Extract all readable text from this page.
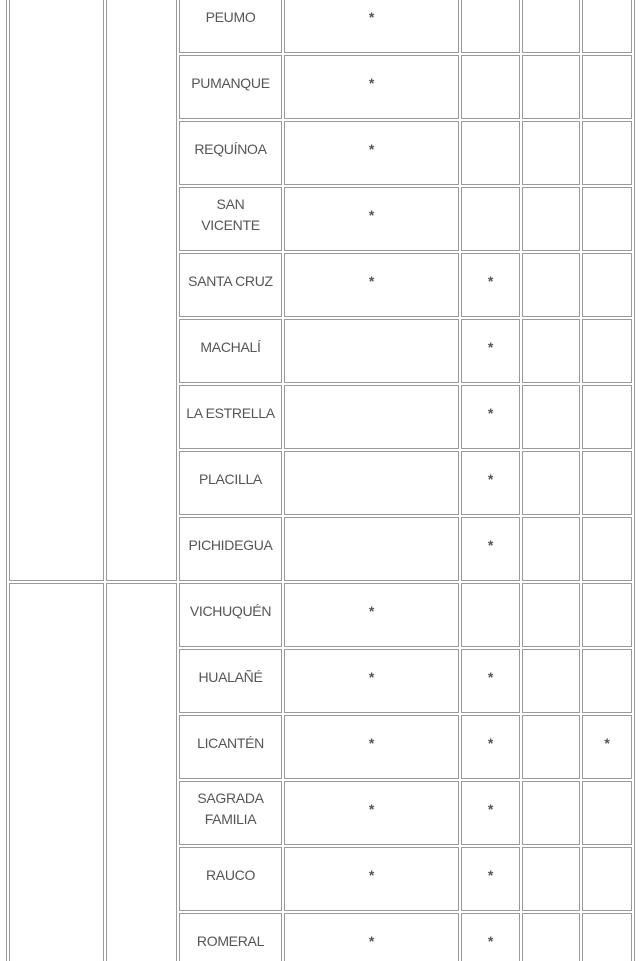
		PEUMO	*			
		PUMANQUE	*			
		REQUÍNOA	*			
		SAN VICENTE	*			
		SANTA CRUZ	*	*		
		MACHALÍ		*		
		LA ESTRELLA		*		
		PLACILLA		*		
		PICHIDEGUA		*		
		VICHUQUÉN	*			
		HUALAÑÉ	*	*		
		LICANTÉN	*	*		*
		SAGRADA FAMILIA	*	*		
		RAUCO	*	*		
		ROMERAL	*	*		
